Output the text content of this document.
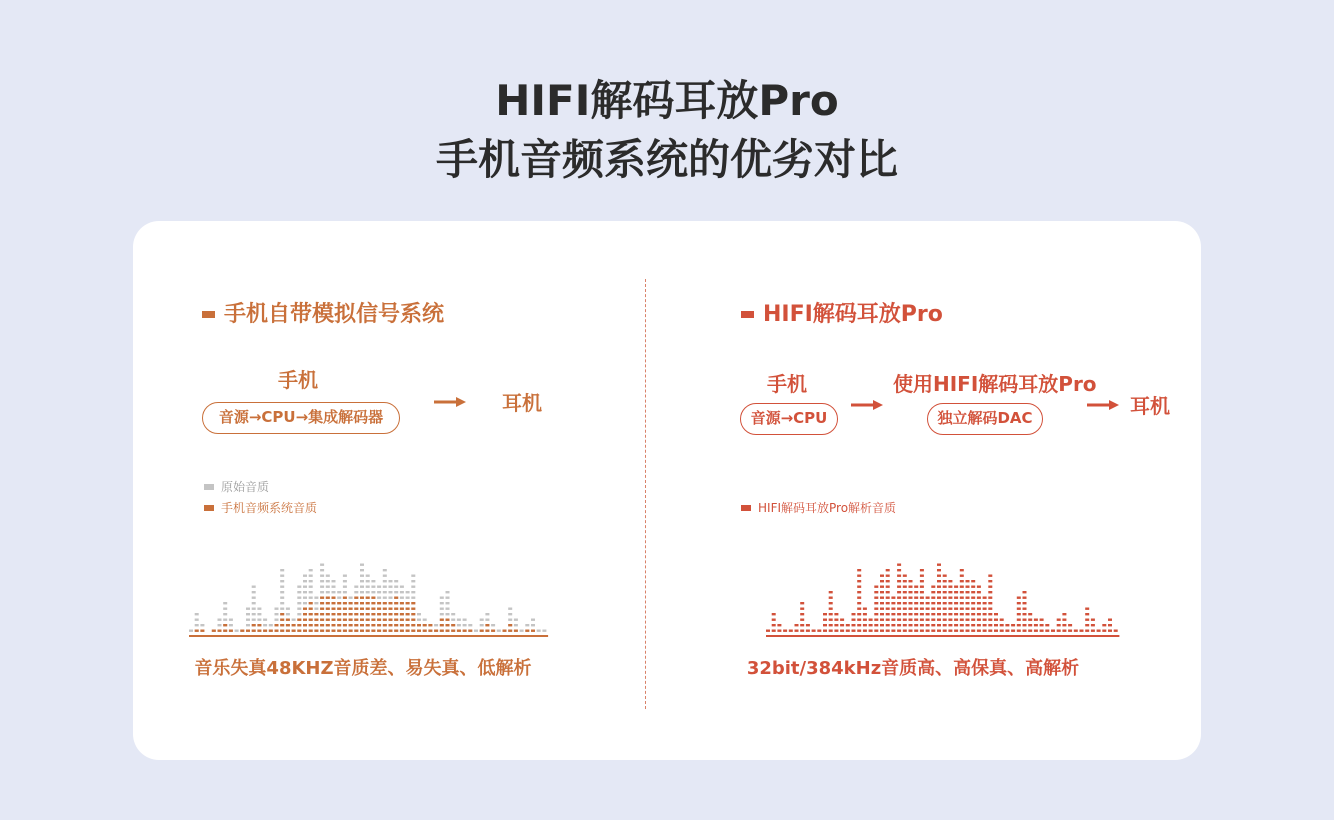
HIFI解码耳放Pro
手机音频系统的优劣对比
手机自带模拟信号系统
手机
音源→CPU→集成解码器
耳机
原始音质
手机音频系统音质
音乐失真48KHZ音质差、易失真、低解析
HIFI解码耳放Pro
手机
音源→CPU
使用HIFI解码耳放Pro
独立解码DAC	耳机
HIFI解码耳放Pro解析音质
32bit/384kHz音质高、高保真、高解析
